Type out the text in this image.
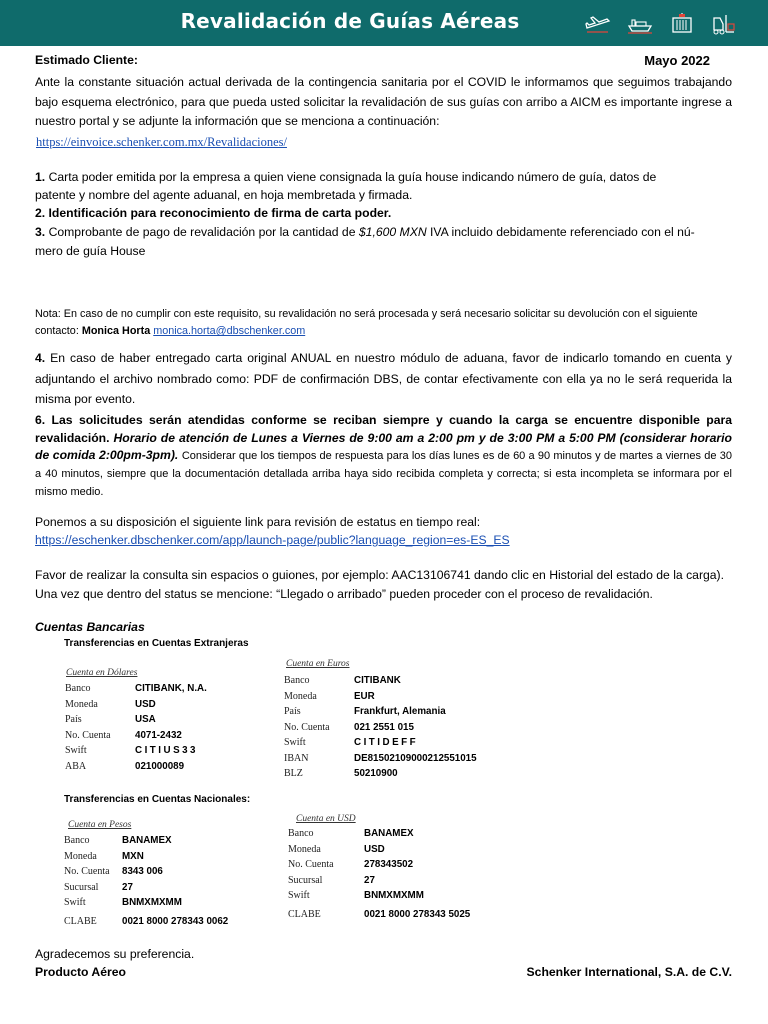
Revalidación de Guías Aéreas
Estimado Cliente:	Mayo 2022
Ante la constante situación actual derivada de la contingencia sanitaria por el COVID le informamos que seguimos trabajando bajo esquema electrónico, para que pueda usted solicitar la revalidación de sus guías con arribo a AICM es importante ingrese a nuestro portal y se adjunte la información que se menciona a continuación:
https://einvoice.schenker.com.mx/Revalidaciones/
1. Carta poder emitida por la empresa a quien viene consignada la guía house indicando número de guía, datos de
patente y nombre del agente aduanal, en hoja membretada y firmada.
2. Identificación para reconocimiento de firma de carta poder.
3. Comprobante de pago de revalidación por la cantidad de $1,600 MXN IVA incluido debidamente referenciado con el nú-
mero de guía House
Nota: En caso de no cumplir con este requisito, su revalidación no será procesada y será necesario solicitar su devolución con el siguiente
contacto: Monica Horta monica.horta@dbschenker.com
4. En caso de haber entregado carta original ANUAL en nuestro módulo de aduana, favor de indicarlo tomando en cuenta y adjuntando el archivo nombrado como: PDF de confirmación DBS, de contar efectivamente con ella ya no le será requerida la misma por evento.
6. Las solicitudes serán atendidas conforme se reciban siempre y cuando la carga se encuentre disponible para revalidación. Horario de atención de Lunes a Viernes de 9:00 am a 2:00 pm y de 3:00 PM a 5:00 PM (considerar horario de comida 2:00pm-3pm). Considerar que los tiempos de respuesta para los días lunes es de 60 a 90 minutos y de martes a viernes de 30 a 40 minutos, siempre que la documentación detallada arriba haya sido recibida completa y correcta; si esta incompleta se informara por el mismo medio.
Ponemos a su disposición el siguiente link para revisión de estatus en tiempo real:
https://eschenker.dbschenker.com/app/launch-page/public?language_region=es-ES_ES
Favor de realizar la consulta sin espacios o guiones, por ejemplo: AAC13106741 dando clic en Historial del estado de la carga). Una vez que dentro del status se mencione: “Llegado o arribado” pueden proceder con el proceso de revalidación.
Cuentas Bancarias
Transferencias en Cuentas Extranjeras
Cuenta en Dólares
Banco	CITIBANK, N.A.
Moneda	USD
País	USA
No. Cuenta	4071-2432
Swift	CITIUS33
ABA	021000089
Cuenta en Euros
Banco	CITIBANK
Moneda	EUR
País	Frankfurt, Alemania
No. Cuenta	021 2551 015
Swift	CITIDEFF
IBAN	DE81502109000212551015
BLZ	50210900
Transferencias en Cuentas Nacionales:
Cuenta en Pesos
Banco	BANAMEX
Moneda	MXN
No. Cuenta	8343 006
Sucursal	27
Swift	BNMXMXMM
CLABE	0021 8000 278343 0062
Cuenta en USD
Banco	BANAMEX
Moneda	USD
No. Cuenta	278343502
Sucursal	27
Swift	BNMXMXMM
CLABE	0021 8000 278343 5025
Agradecemos su preferencia.
Producto Aéreo	Schenker International, S.A. de C.V.
